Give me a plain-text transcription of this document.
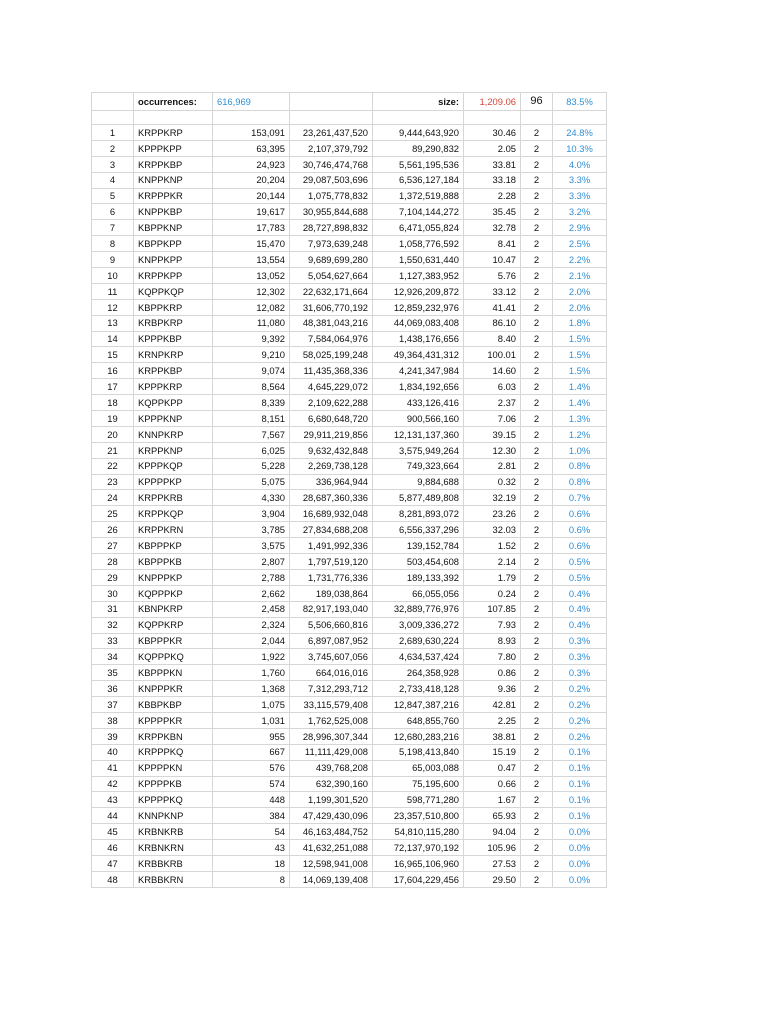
	occurrences:	616,969		size:	1,209.06	96	83.5%

1	KRPPKRP	153,091	23,261,437,520	9,444,643,920	30.46	2	24.8%
2	KPPPKPP	63,395	2,107,379,792	89,290,832	2.05	2	10.3%
3	KRPPKBP	24,923	30,746,474,768	5,561,195,536	33.81	2	4.0%
4	KNPPKNP	20,204	29,087,503,696	6,536,127,184	33.18	2	3.3%
5	KRPPPKR	20,144	1,075,778,832	1,372,519,888	2.28	2	3.3%
6	KNPPKBP	19,617	30,955,844,688	7,104,144,272	35.45	2	3.2%
7	KBPPKNP	17,783	28,727,898,832	6,471,055,824	32.78	2	2.9%
8	KBPPKPP	15,470	7,973,639,248	1,058,776,592	8.41	2	2.5%
9	KNPPKPP	13,554	9,689,699,280	1,550,631,440	10.47	2	2.2%
10	KRPPKPP	13,052	5,054,627,664	1,127,383,952	5.76	2	2.1%
11	KQPPKQP	12,302	22,632,171,664	12,926,209,872	33.12	2	2.0%
12	KBPPKRP	12,082	31,606,770,192	12,859,232,976	41.41	2	2.0%
13	KRBPKRP	11,080	48,381,043,216	44,069,083,408	86.10	2	1.8%
14	KPPPKBP	9,392	7,584,064,976	1,438,176,656	8.40	2	1.5%
15	KRNPKRP	9,210	58,025,199,248	49,364,431,312	100.01	2	1.5%
16	KRPPKBP	9,074	11,435,368,336	4,241,347,984	14.60	2	1.5%
17	KPPPKRP	8,564	4,645,229,072	1,834,192,656	6.03	2	1.4%
18	KQPPKPP	8,339	2,109,622,288	433,126,416	2.37	2	1.4%
19	KPPPKNP	8,151	6,680,648,720	900,566,160	7.06	2	1.3%
20	KNNPKRP	7,567	29,911,219,856	12,131,137,360	39.15	2	1.2%
21	KRPPKNP	6,025	9,632,432,848	3,575,949,264	12.30	2	1.0%
22	KPPPKQP	5,228	2,269,738,128	749,323,664	2.81	2	0.8%
23	KPPPPKP	5,075	336,964,944	9,884,688	0.32	2	0.8%
24	KRPPKRB	4,330	28,687,360,336	5,877,489,808	32.19	2	0.7%
25	KRPPKQP	3,904	16,689,932,048	8,281,893,072	23.26	2	0.6%
26	KRPPKRN	3,785	27,834,688,208	6,556,337,296	32.03	2	0.6%
27	KBPPPKP	3,575	1,491,992,336	139,152,784	1.52	2	0.6%
28	KBPPPKB	2,807	1,797,519,120	503,454,608	2.14	2	0.5%
29	KNPPPKP	2,788	1,731,776,336	189,133,392	1.79	2	0.5%
30	KQPPPKP	2,662	189,038,864	66,055,056	0.24	2	0.4%
31	KBNPKRP	2,458	82,917,193,040	32,889,776,976	107.85	2	0.4%
32	KQPPKRP	2,324	5,506,660,816	3,009,336,272	7.93	2	0.4%
33	KBPPPKR	2,044	6,897,087,952	2,689,630,224	8.93	2	0.3%
34	KQPPPKQ	1,922	3,745,607,056	4,634,537,424	7.80	2	0.3%
35	KBPPPKN	1,760	664,016,016	264,358,928	0.86	2	0.3%
36	KNPPPKR	1,368	7,312,293,712	2,733,418,128	9.36	2	0.2%
37	KBBPKBP	1,075	33,115,579,408	12,847,387,216	42.81	2	0.2%
38	KPPPPKR	1,031	1,762,525,008	648,855,760	2.25	2	0.2%
39	KRPPKBN	955	28,996,307,344	12,680,283,216	38.81	2	0.2%
40	KRPPPKQ	667	11,111,429,008	5,198,413,840	15.19	2	0.1%
41	KPPPPKN	576	439,768,208	65,003,088	0.47	2	0.1%
42	KPPPPKB	574	632,390,160	75,195,600	0.66	2	0.1%
43	KPPPPKQ	448	1,199,301,520	598,771,280	1.67	2	0.1%
44	KNNPKNP	384	47,429,430,096	23,357,510,800	65.93	2	0.1%
45	KRBNKRB	54	46,163,484,752	54,810,115,280	94.04	2	0.0%
46	KRBNKRN	43	41,632,251,088	72,137,970,192	105.96	2	0.0%
47	KRBBKRB	18	12,598,941,008	16,965,106,960	27.53	2	0.0%
48	KRBBKRN	8	14,069,139,408	17,604,229,456	29.50	2	0.0%
